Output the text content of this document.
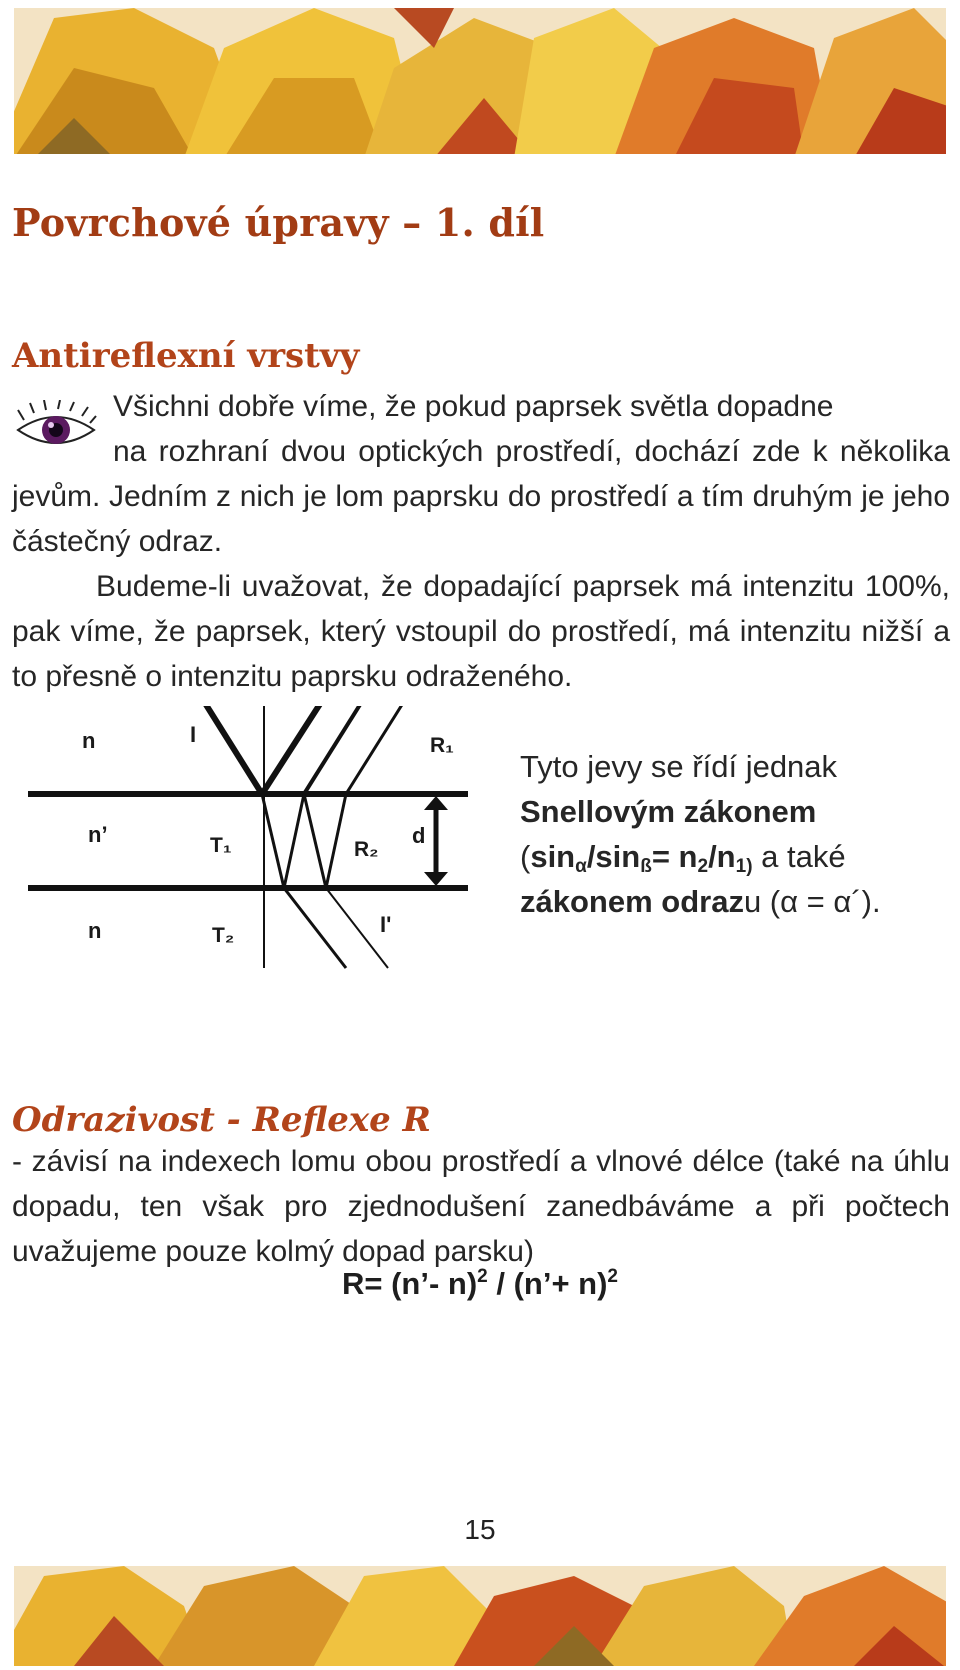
Povrchové úpravy – 1. díl
Antireflexní vrstvy

Všichni dobře víme, že pokud paprsek světla dopadne
na rozhraní dvou optických prostředí, dochází zde k několika jevům. Jedním z nich je lom paprsku do prostředí a tím druhým je jeho částečný odraz.

Budeme-li uvažovat, že dopadající paprsek má intenzitu 100%, pak víme, že paprsek, který vstoupil do prostředí, má intenzitu nižší a to přesně o intenzitu paprsku odraženého.

n	I	R₁
n’	T₁	R₂
d
n	T₂	I'

Tyto jevy se řídí jednak
Snellovým zákonem
($\sin_\alpha/\sin_ß= n_2/n_{1)}$ a také
zákonem odrazu (α = α´).

Odrazivost - Reflexe R

- závisí na indexech lomu obou prostředí a vlnové délce (také na úhlu dopadu, ten však pro zjednodušení zanedbáváme a při počtech uvažujeme pouze kolmý dopad parsku)

R= (n’- n)$^2$ / (n’+ n)$^2$

15
